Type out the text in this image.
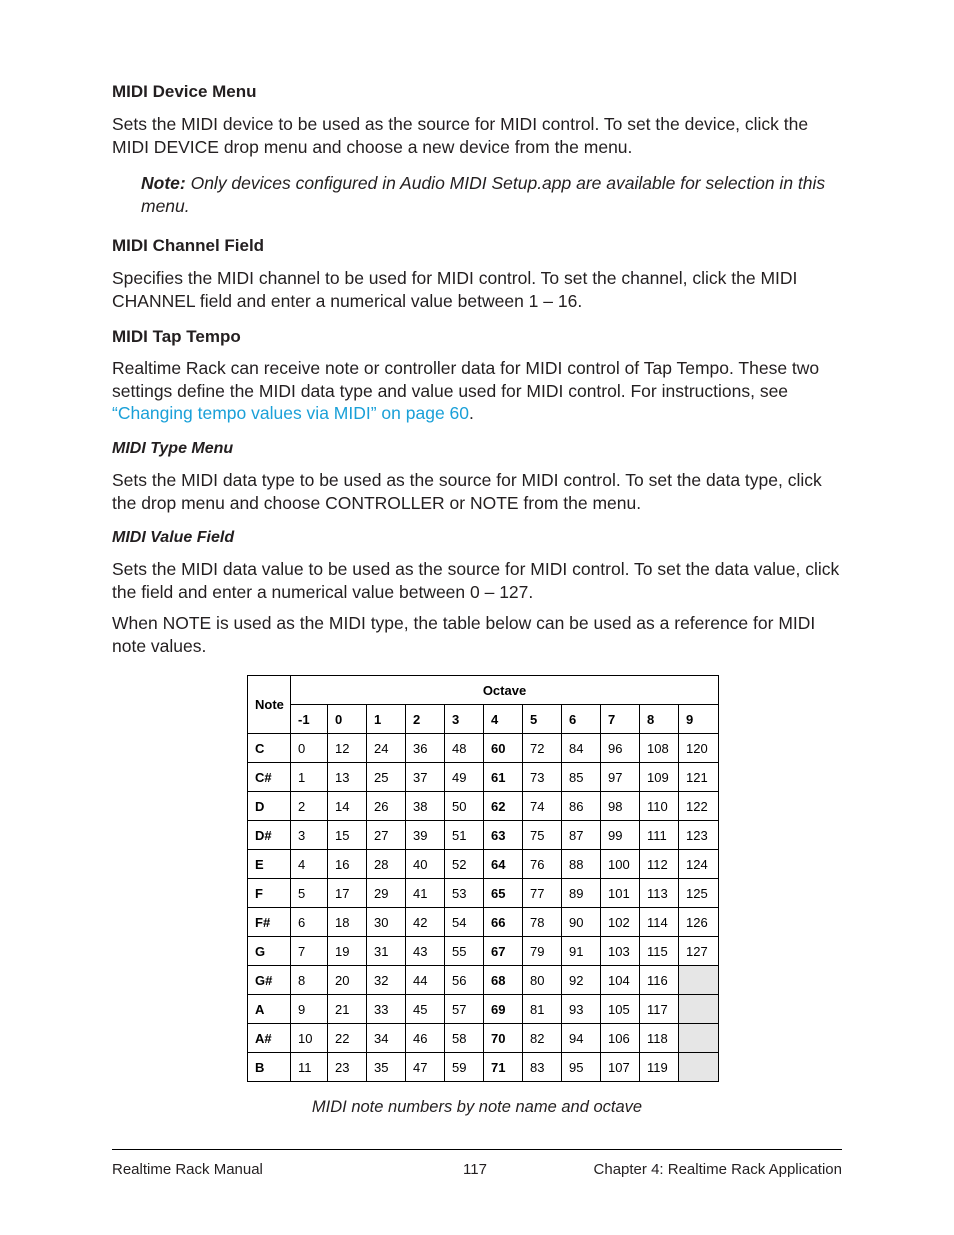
MIDI Device Menu

Sets the MIDI device to be used as the source for MIDI control. To set the device, click the MIDI DEVICE drop menu and choose a new device from the menu.

Note: Only devices configured in Audio MIDI Setup.app are available for selection in this menu.

MIDI Channel Field

Specifies the MIDI channel to be used for MIDI control. To set the channel, click the MIDI CHANNEL field and enter a numerical value between 1 – 16.

MIDI Tap Tempo

Realtime Rack can receive note or controller data for MIDI control of Tap Tempo. These two settings define the MIDI data type and value used for MIDI control. For instructions, see “Changing tempo values via MIDI” on page 60.

MIDI Type Menu

Sets the MIDI data type to be used as the source for MIDI control. To set the data type, click the drop menu and choose CONTROLLER or NOTE from the menu.

MIDI Value Field

Sets the MIDI data value to be used as the source for MIDI control. To set the data value, click the field and enter a numerical value between 0 – 127.

When NOTE is used as the MIDI type, the table below can be used as a reference for MIDI note values.

Note	Octave										
	-1	0	1	2	3	4	5	6	7	8	9
C	0	12	24	36	48	60	72	84	96	108	120
C#	1	13	25	37	49	61	73	85	97	109	121
D	2	14	26	38	50	62	74	86	98	110	122
D#	3	15	27	39	51	63	75	87	99	111	123
E	4	16	28	40	52	64	76	88	100	112	124
F	5	17	29	41	53	65	77	89	101	113	125
F#	6	18	30	42	54	66	78	90	102	114	126
G	7	19	31	43	55	67	79	91	103	115	127
G#	8	20	32	44	56	68	80	92	104	116	
A	9	21	33	45	57	69	81	93	105	117	
A#	10	22	34	46	58	70	82	94	106	118	
B	11	23	35	47	59	71	83	95	107	119	
MIDI note numbers by note name and octave
Realtime Rack Manual	117	Chapter 4: Realtime Rack Application
